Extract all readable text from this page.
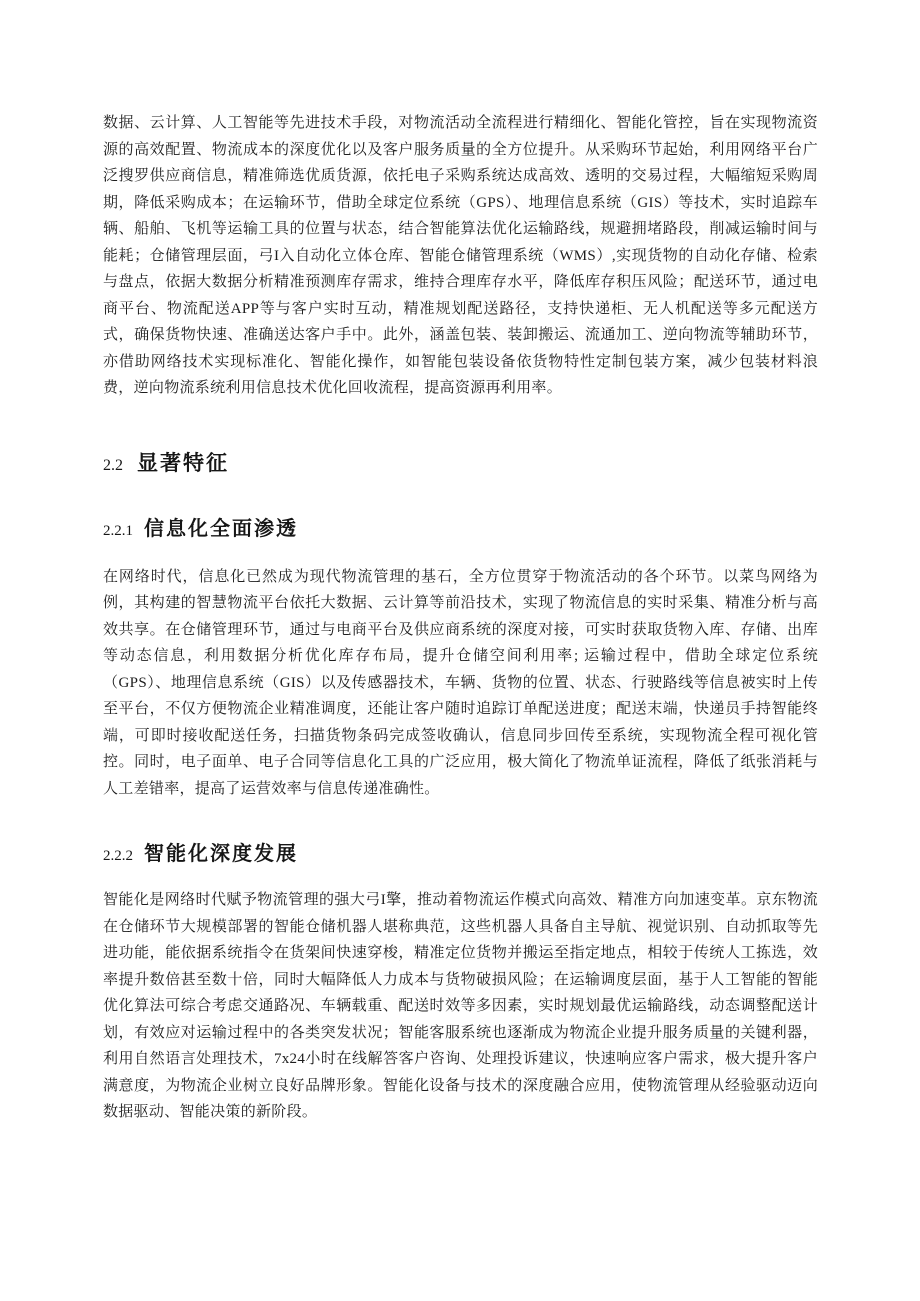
数据、云计算、人工智能等先进技术手段，对物流活动全流程进行精细化、智能化管控，旨在实现物流资源的高效配置、物流成本的深度优化以及客户服务质量的全方位提升。从采购环节起始，利用网络平台广泛搜罗供应商信息，精准筛选优质货源，依托电子采购系统达成高效、透明的交易过程，大幅缩短采购周期，降低采购成本；在运输环节，借助全球定位系统（GPS）、地理信息系统（GIS）等技术，实时追踪车辆、船舶、飞机等运输工具的位置与状态，结合智能算法优化运输路线，规避拥堵路段，削减运输时间与能耗；仓储管理层面，弓I入自动化立体仓库、智能仓储管理系统（WMS）,实现货物的自动化存储、检索与盘点，依据大数据分析精准预测库存需求，维持合理库存水平，降低库存积压风险；配送环节，通过电商平台、物流配送APP等与客户实时互动，精准规划配送路径，支持快递柜、无人机配送等多元配送方式，确保货物快速、准确送达客户手中。此外，涵盖包装、装卸搬运、流通加工、逆向物流等辅助环节，亦借助网络技术实现标准化、智能化操作，如智能包装设备依货物特性定制包装方案，减少包装材料浪费，逆向物流系统利用信息技术优化回收流程，提高资源再利用率。

2.2 显著特征
2.2.1 信息化全面渗透

在网络时代，信息化已然成为现代物流管理的基石，全方位贯穿于物流活动的各个环节。以菜鸟网络为例，其构建的智慧物流平台依托大数据、云计算等前沿技术，实现了物流信息的实时采集、精准分析与高效共享。在仓储管理环节，通过与电商平台及供应商系统的深度对接，可实时获取货物入库、存储、出库等动态信息，利用数据分析优化库存布局，提升仓储空间利用率; 运输过程中，借助全球定位系统（GPS）、地理信息系统（GIS）以及传感器技术，车辆、货物的位置、状态、行驶路线等信息被实时上传至平台，不仅方便物流企业精准调度，还能让客户随时追踪订单配送进度；配送末端，快递员手持智能终端，可即时接收配送任务，扫描货物条码完成签收确认，信息同步回传至系统，实现物流全程可视化管控。同时，电子面单、电子合同等信息化工具的广泛应用，极大简化了物流单证流程，降低了纸张消耗与人工差错率，提高了运营效率与信息传递准确性。

2.2.2 智能化深度发展

智能化是网络时代赋予物流管理的强大弓I擎，推动着物流运作模式向高效、精准方向加速变革。京东物流在仓储环节大规模部署的智能仓储机器人堪称典范，这些机器人具备自主导航、视觉识别、自动抓取等先进功能，能依据系统指令在货架间快速穿梭，精准定位货物并搬运至指定地点，相较于传统人工拣选，效率提升数倍甚至数十倍，同时大幅降低人力成本与货物破损风险；在运输调度层面，基于人工智能的智能优化算法可综合考虑交通路况、车辆载重、配送时效等多因素，实时规划最优运输路线，动态调整配送计划，有效应对运输过程中的各类突发状况；智能客服系统也逐渐成为物流企业提升服务质量的关键利器，利用自然语言处理技术，7x24小时在线解答客户咨询、处理投诉建议，快速响应客户需求，极大提升客户满意度，为物流企业树立良好品牌形象。智能化设备与技术的深度融合应用，使物流管理从经验驱动迈向数据驱动、智能决策的新阶段。
